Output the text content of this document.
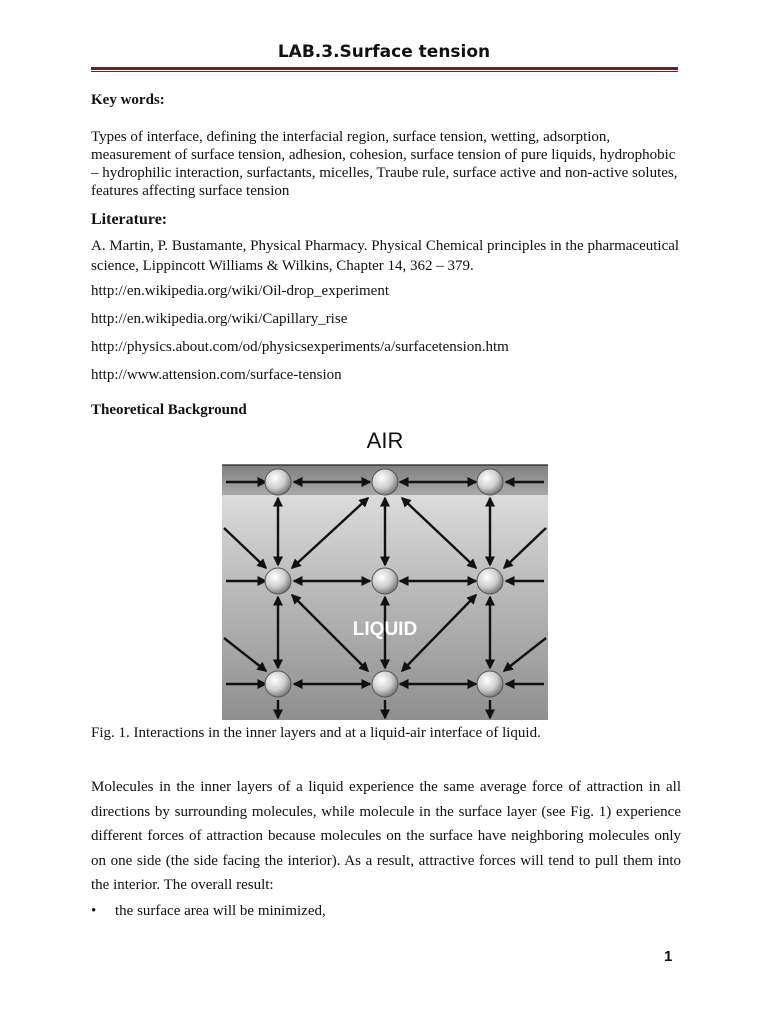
LAB.3.Surface tension
Key words:
Types of interface, defining the interfacial region, surface tension, wetting, adsorption, measurement of surface tension, adhesion, cohesion, surface tension of pure liquids, hydrophobic – hydrophilic interaction, surfactants, micelles, Traube rule, surface active and non-active solutes, features affecting surface tension
Literature:
A. Martin, P. Bustamante, Physical Pharmacy. Physical Chemical principles in the pharmaceutical science, Lippincott Williams & Wilkins, Chapter 14, 362 – 379.
http://en.wikipedia.org/wiki/Oil-drop_experiment
http://en.wikipedia.org/wiki/Capillary_rise
http://physics.about.com/od/physicsexperiments/a/surfacetension.htm
http://www.attension.com/surface-tension
Theoretical Background
AIR
LIQUID
Fig. 1. Interactions in the inner layers and at a liquid-air interface of liquid.
Molecules in the inner layers of a liquid experience the same average force of attraction in all directions by surrounding molecules, while molecule in the surface layer (see Fig. 1) experience different forces of attraction because molecules on the surface have neighboring molecules only on one side (the side facing the interior). As a result, attractive forces will tend to pull them into the interior. The overall result:
• the surface area will be minimized,
1
